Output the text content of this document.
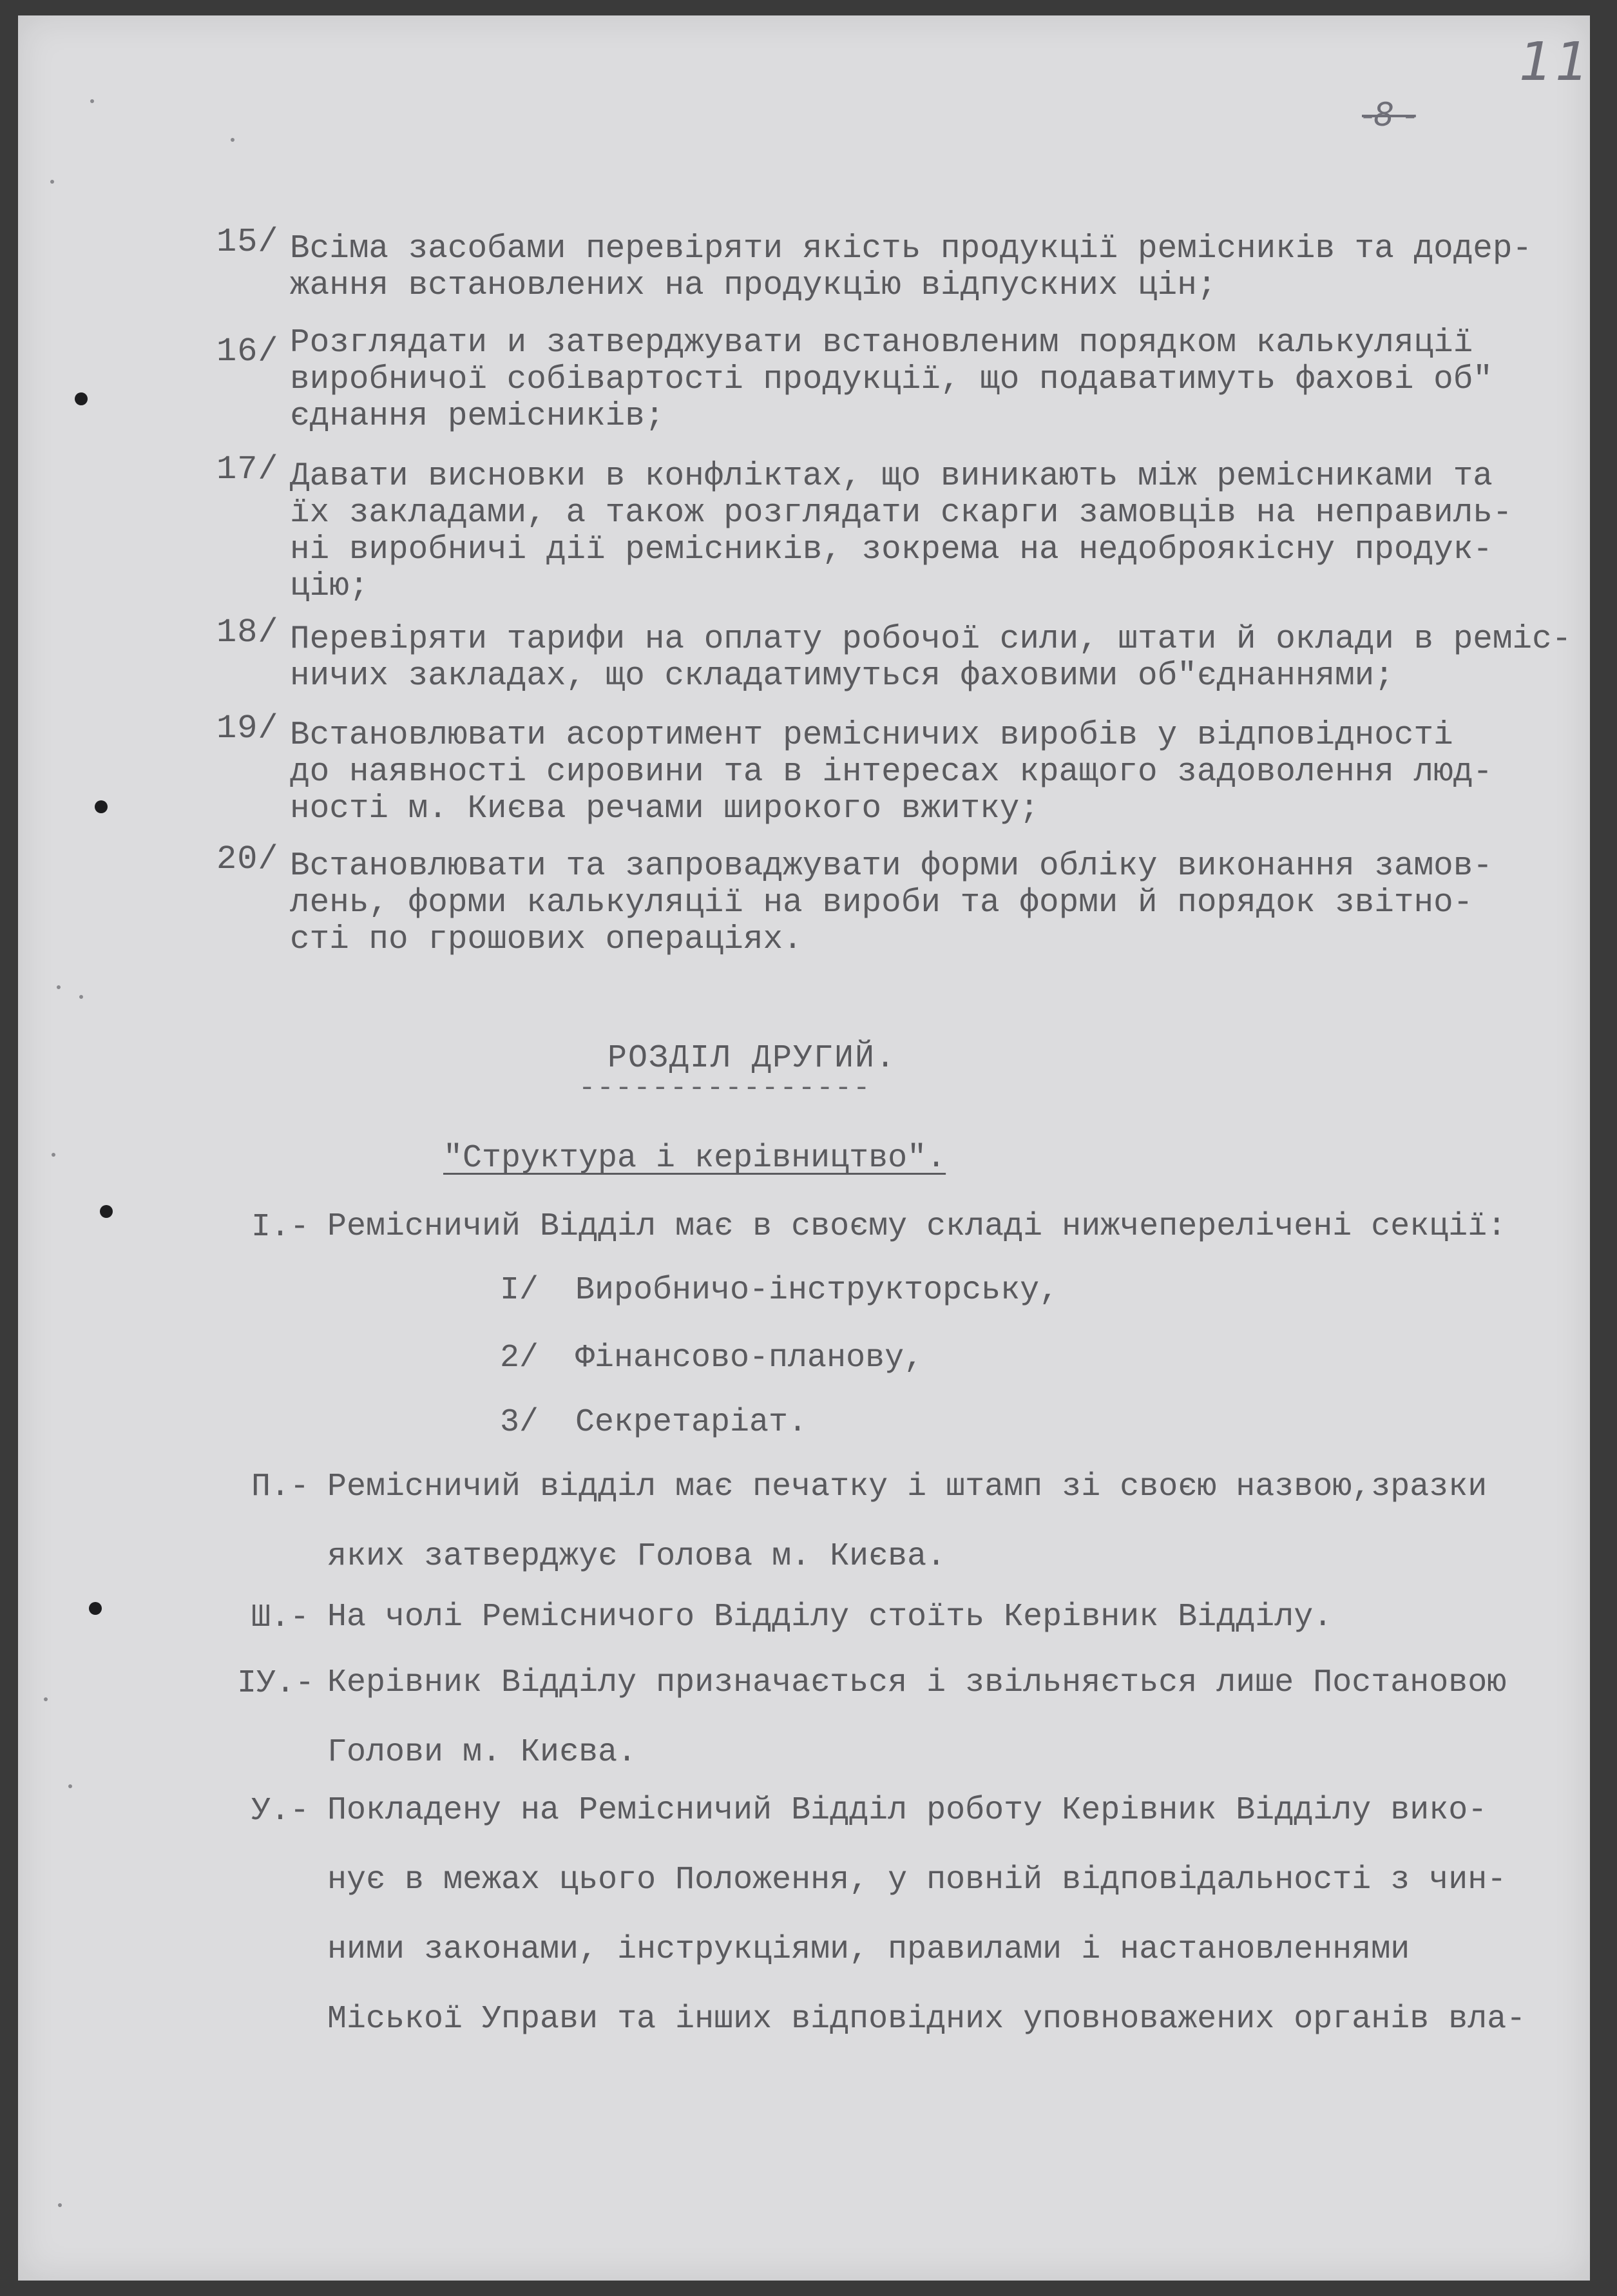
-8 -
11
15/ Всіма засобами перевіряти якість продукції ремісників та додер-
жання встановлених на продукцію відпускних цін;
16/ Розглядати и затверджувати встановленим порядком калькуляції
виробничої собівартості продукції, що подаватимуть фахові об"
єднання ремісників;
17/ Давати висновки в конфліктах, що виникають між ремісниками та
їх закладами, а також розглядати скарги замовців на неправиль-
ні виробничі дії ремісників, зокрема на недоброякісну продук-
цію;
18/ Перевіряти тарифи на оплату робочої сили, штати й оклади в реміс-
ничих закладах, що складатимуться фаховими об"єднаннями;
19/ Встановлювати асортимент ремісничих виробів у відповідності
до наявності сировини та в інтересах кращого задоволення люд-
ності м. Києва речами широкого вжитку;
20/ Встановлювати та запроваджувати форми обліку виконання замов-
лень, форми калькуляції на вироби та форми й порядок звітно-
сті по грошових операціях.
РОЗДІЛ ДРУГИЙ.
----------------
"Структура і керівництво".
I.- Ремісничий Відділ має в своєму складі нижчеперелічені секції:
I/ Виробничо-інструкторську,
2/ Фінансово-планову,
3/ Секретаріат.
П.- Ремісничий відділ має печатку і штамп зі своєю назвою,зразки
яких затверджує Голова м. Києва.
Ш.- На чолі Ремісничого Відділу стоїть Керівник Відділу.
IУ.- Керівник Відділу призначається і звільняється лише Постановою
Голови м. Києва.
У.- Покладену на Ремісничий Відділ роботу Керівник Відділу вико-
нує в межах цього Положення, у повній відповідальності з чин-
ними законами, інструкціями, правилами і настановленнями
Міської Управи та інших відповідних уповноважених органів вла-
